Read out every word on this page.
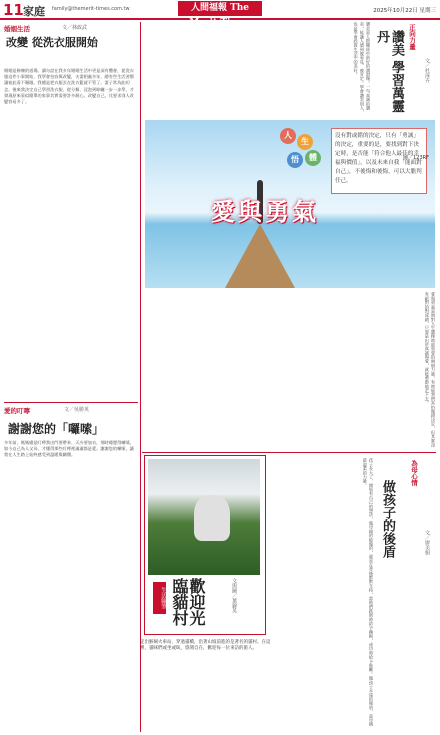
11 家庭 family@themerit-times.com.tw	人間福報 The Merit Times
2025年10月22日 星期三
婚姻生活	文／林政武
改變 從洗衣服開始
婚姻是修煉的道場。讀句話在我多年婚姻生活中更是深有體會，從洗衣服這件小事開始，我學會包容與改變，夫妻相處多年，總有些生活習慣讓彼此看不順眼。我總是把衣服丟在洗衣籃就不管了，妻子常為此叨念。後來我決定自己學習洗衣服，從分類、浸泡到晾曬一步一步學，才發現原來看似簡單的家事其實需要許多耐心。改變自己，比要求別人改變容易多了。
愛的叮嚀	文／吳勝英
謝謝您的「囉嗦」
多年前，媽媽總是叮嚀我出門要帶傘、天冷要加衣，那時總覺得囉嗦。如今自己為人父母，才懂得那些叮嚀裡滿滿都是愛。謝謝您的囉嗦，讓我在人生路上始終感受到溫暖與關懷。
讚美是人際關係中最好的潤滑劑。一句真誠的讚美，能讓人感到被看見、被肯定。學會讚美別人，也是學會欣賞生活中的美好。	讚美 學習萬靈丹	正向力量
文／杜淳卉
人
生
體
悟
沒有對或錯的決定，只有「勇誠」的決定，重要的是，要找到對下決定時，是否能「符合他人最佳的幸福與價值」，以及未來自我「能面對自己」，不後悔和後悔，可以大膽判任己。
圖／123RF
愛與勇氣
愛與勇氣是面對人生選擇時最重要的兩個力量。有時候我們害怕做錯決定，但其實沒有絕對的對或錯，只要是出於真誠與愛，就能勇敢地走下去。
生活隨筆	歡迎光臨貓村	文與圖／葉錦英
走出猴硐火車站，穿過貓橋，沿著山坡前進的是著名的貓村。在這裡，貓咪們或坐或臥，悠閒自在，歡迎每一位來訪的旅人。	孩子長大了，開始有自己的想法，做母親的能做的，就是在背後默默支持，當他們跌倒時給予擁抱，成功時給予鼓勵。做孩子永遠的後盾，是母親最溫柔的力量。
做孩子的後盾
為母心情
文／廖美娟
